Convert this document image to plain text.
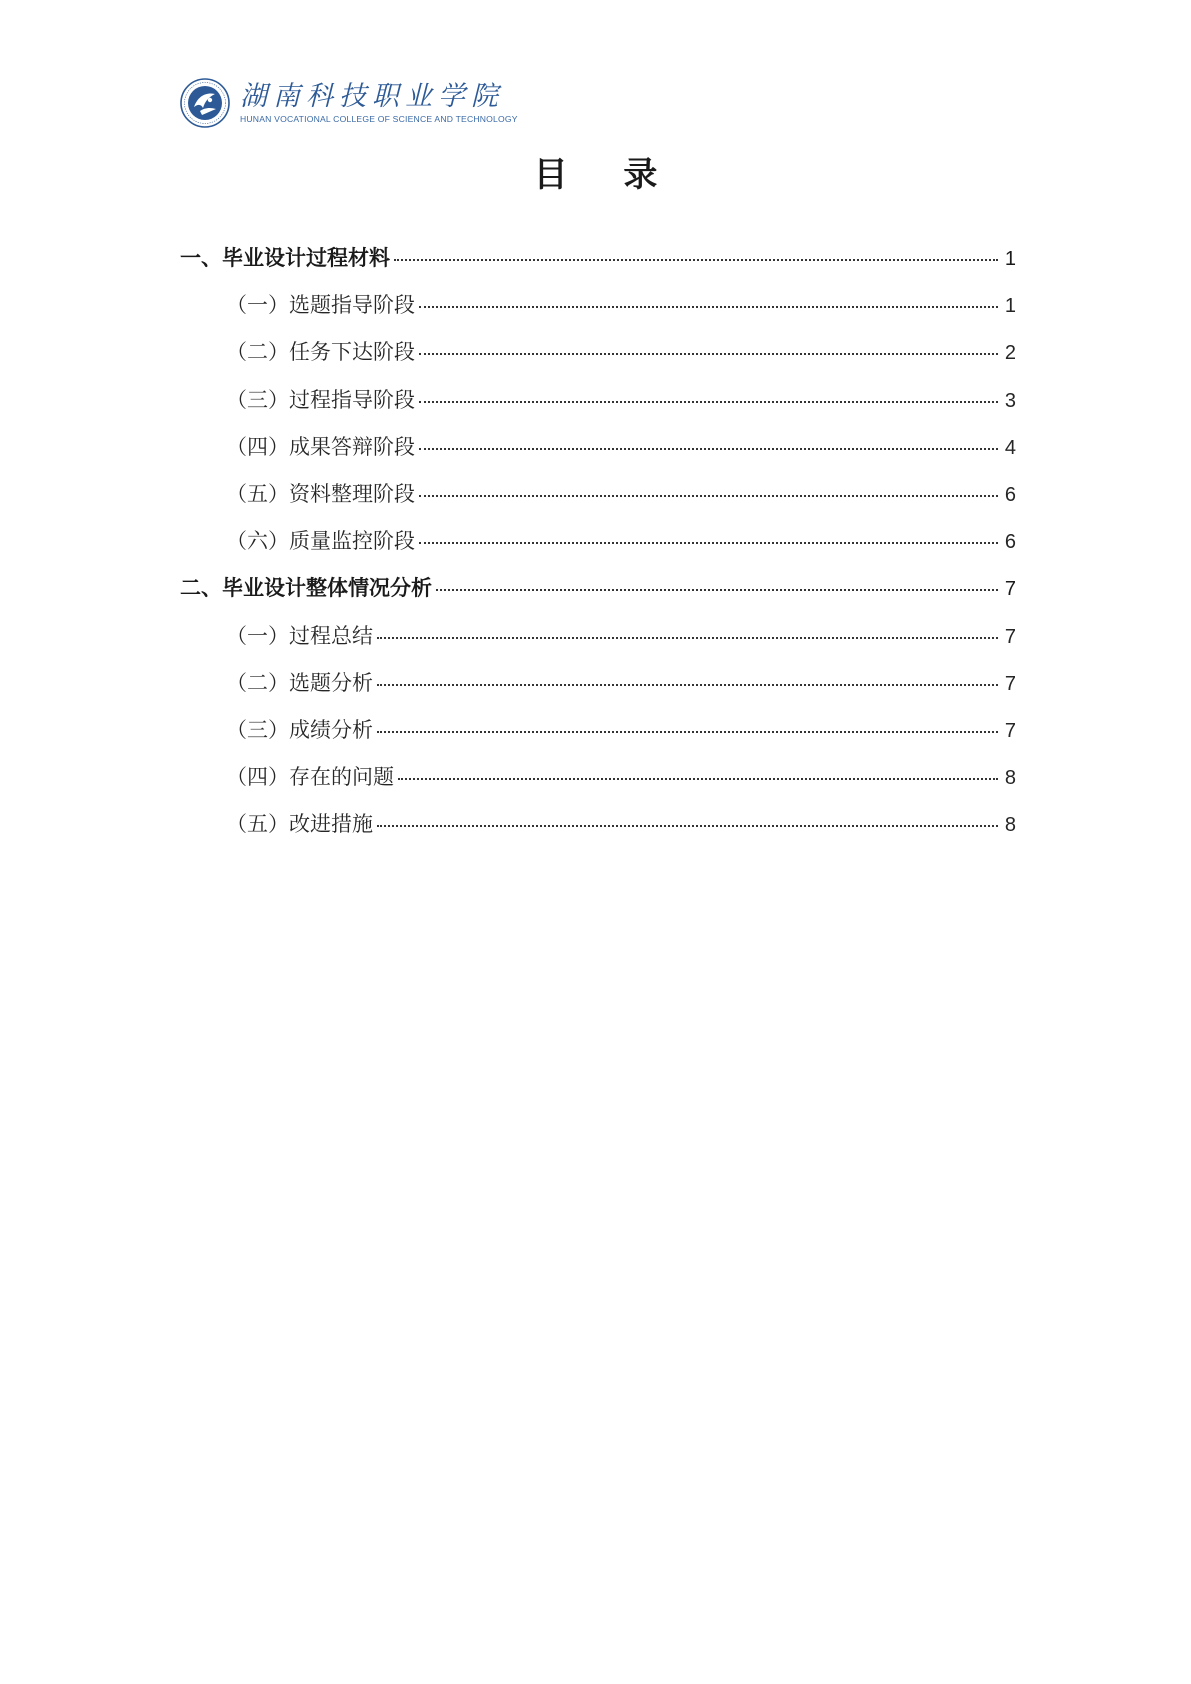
湖南科技职业学院
HUNAN VOCATIONAL COLLEGE OF SCIENCE AND TECHNOLOGY
目 录
一、毕业设计过程材料	1
（一）选题指导阶段	1
（二）任务下达阶段	2
（三）过程指导阶段	3
（四）成果答辩阶段	4
（五）资料整理阶段	6
（六）质量监控阶段	6
二、毕业设计整体情况分析	7
（一）过程总结	7
（二）选题分析	7
（三）成绩分析	7
（四）存在的问题	8
（五）改进措施	8
